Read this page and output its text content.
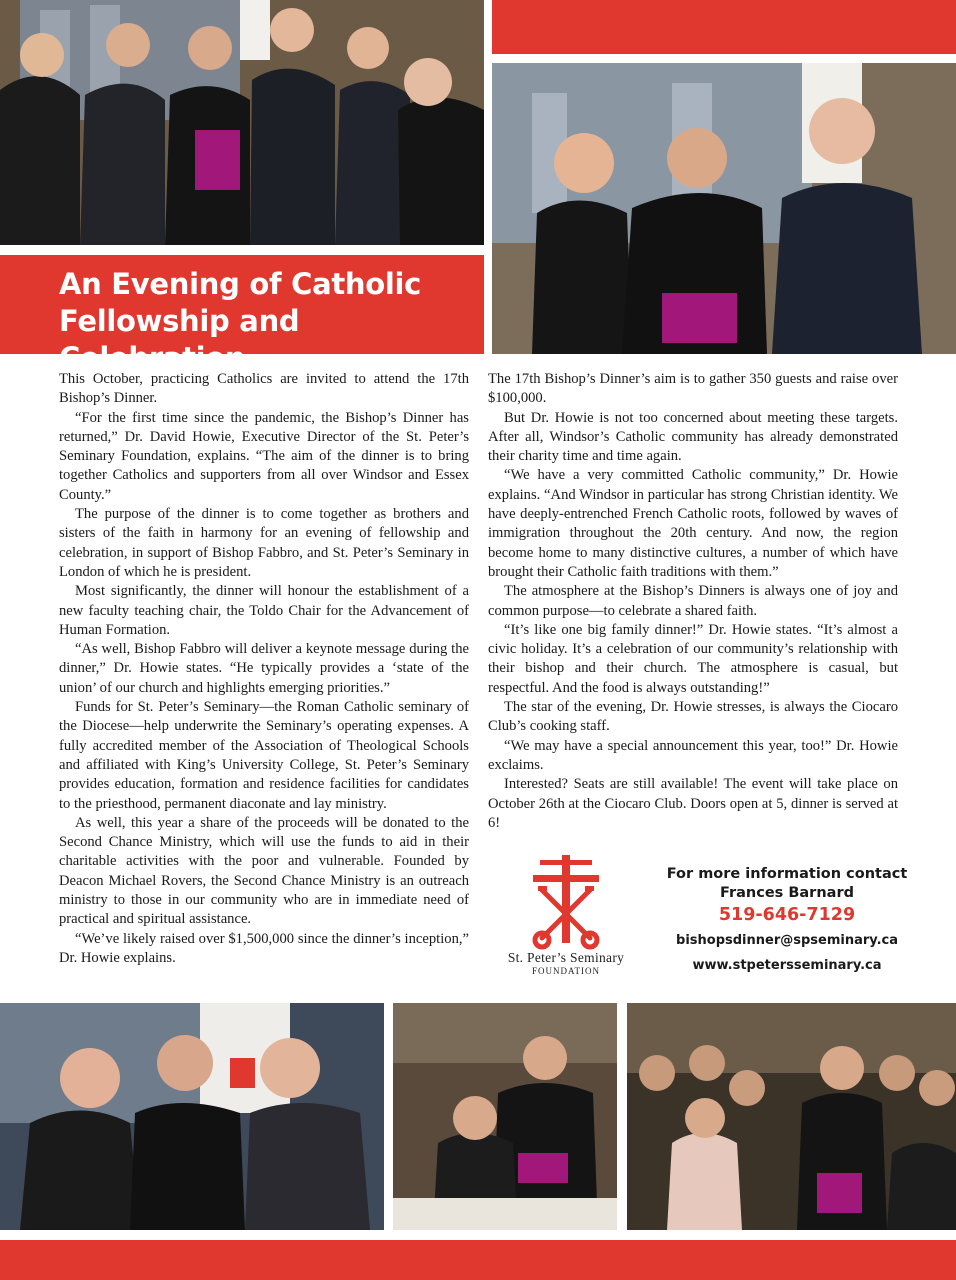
An Evening of Catholic
Fellowship and Celebration

This October, practicing Catholics are invited to attend the 17th Bishop’s Dinner.

“For the first time since the pandemic, the Bishop’s Dinner has returned,” Dr. David Howie, Executive Director of the St. Peter’s Seminary Foundation, explains. “The aim of the dinner is to bring together Catholics and supporters from all over Windsor and Essex County.”

The purpose of the dinner is to come together as brothers and sisters of the faith in harmony for an evening of fellowship and celebration, in support of Bishop Fabbro, and St. Peter’s Seminary in London of which he is president.

Most significantly, the dinner will honour the establishment of a new faculty teaching chair, the Toldo Chair for the Advancement of Human Formation.

“As well, Bishop Fabbro will deliver a keynote message during the dinner,” Dr. Howie states. “He typically provides a ‘state of the union’ of our church and highlights emerging priorities.”

Funds for St. Peter’s Seminary—the Roman Catholic seminary of the Diocese—help underwrite the Seminary’s operating expenses. A fully accredited member of the Association of Theological Schools and affiliated with King’s University College, St. Peter’s Seminary provides education, formation and residence facilities for candidates to the priesthood, permanent diaconate and lay ministry.

As well, this year a share of the proceeds will be donated to the Second Chance Ministry, which will use the funds to aid in their charitable activities with the poor and vulnerable. Founded by Deacon Michael Rovers, the Second Chance Ministry is an outreach ministry to those in our community who are in immediate need of practical and spiritual assistance.

“We’ve likely raised over $1,500,000 since the dinner’s inception,” Dr. Howie explains.

The 17th Bishop’s Dinner’s aim is to gather 350 guests and raise over $100,000.

But Dr. Howie is not too concerned about meeting these targets. After all, Windsor’s Catholic community has already demonstrated their charity time and time again.

“We have a very committed Catholic community,” Dr. Howie explains. “And Windsor in particular has strong Christian identity. We have deeply-entrenched French Catholic roots, followed by waves of immigration throughout the 20th century. And now, the region become home to many distinctive cultures, a number of which have brought their Catholic faith traditions with them.”

The atmosphere at the Bishop’s Dinners is always one of joy and common purpose—to celebrate a shared faith.

“It’s like one big family dinner!” Dr. Howie states. “It’s almost a civic holiday. It’s a celebration of our community’s relationship with their bishop and their church. The atmosphere is casual, but respectful. And the food is always outstanding!”

The star of the evening, Dr. Howie stresses, is always the Ciocaro Club’s cooking staff.

“We may have a special announcement this year, too!” Dr. Howie exclaims.

Interested? Seats are still available! The event will take place on October 26th at the Ciocaro Club. Doors open at 5, dinner is served at 6!

St. Peter’s Seminary
FOUNDATION
For more information contact
Frances Barnard
519-646-7129
bishopsdinner@spseminary.ca
www.stpetersseminary.ca
